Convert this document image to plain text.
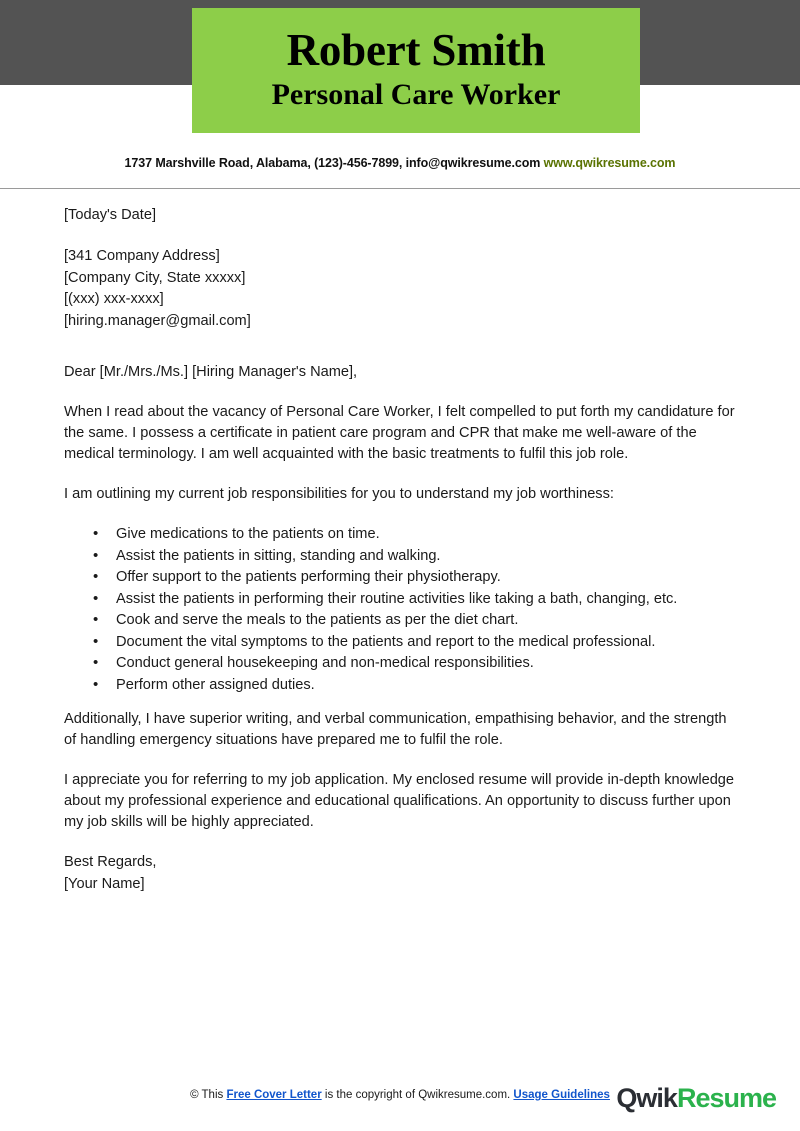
Robert Smith
Personal Care Worker
1737 Marshville Road, Alabama, (123)-456-7899, info@qwikresume.com www.qwikresume.com
[Today's Date]
[341 Company Address]
[Company City, State xxxxx]
[(xxx) xxx-xxxx]
[hiring.manager@gmail.com]
Dear [Mr./Mrs./Ms.] [Hiring Manager's Name],
When I read about the vacancy of Personal Care Worker, I felt compelled to put forth my candidature for the same. I possess a certificate in patient care program and CPR that make me well-aware of the medical terminology. I am well acquainted with the basic treatments to fulfil this job role.
I am outlining my current job responsibilities for you to understand my job worthiness:
• Give medications to the patients on time.
• Assist the patients in sitting, standing and walking.
• Offer support to the patients performing their physiotherapy.
• Assist the patients in performing their routine activities like taking a bath, changing, etc.
• Cook and serve the meals to the patients as per the diet chart.
• Document the vital symptoms to the patients and report to the medical professional.
• Conduct general housekeeping and non-medical responsibilities.
• Perform other assigned duties.
Additionally, I have superior writing, and verbal communication, empathising behavior, and the strength of handling emergency situations have prepared me to fulfil the role.
I appreciate you for referring to my job application. My enclosed resume will provide in-depth knowledge about my professional experience and educational qualifications. An opportunity to discuss further upon my job skills will be highly appreciated.
Best Regards,
[Your Name]
© This Free Cover Letter is the copyright of Qwikresume.com. Usage Guidelines QwikResume
